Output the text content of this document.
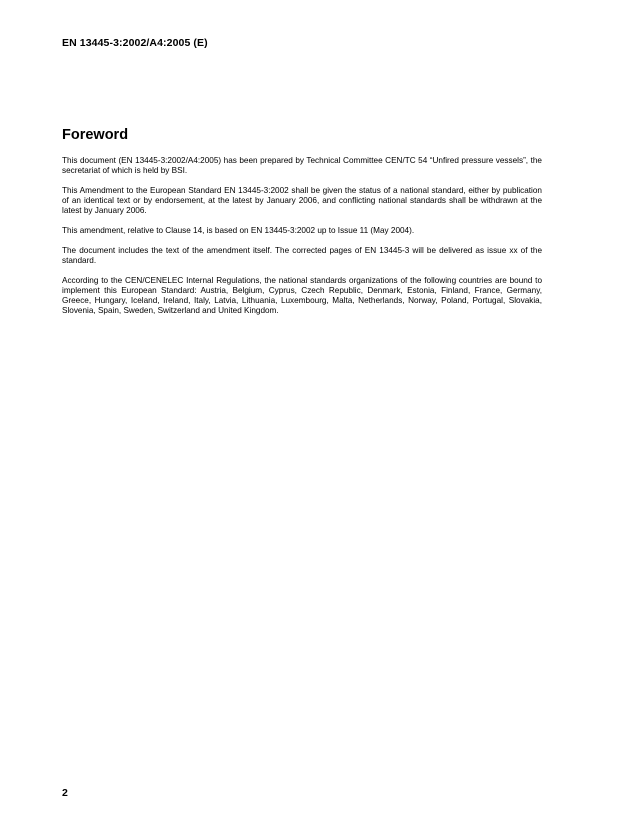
EN 13445-3:2002/A4:2005 (E)
Foreword

This document (EN 13445-3:2002/A4:2005) has been prepared by Technical Committee CEN/TC 54 “Unfired pressure vessels”, the secretariat of which is held by BSI.

This Amendment to the European Standard EN 13445-3:2002 shall be given the status of a national standard, either by publication of an identical text or by endorsement, at the latest by January 2006, and conflicting national standards shall be withdrawn at the latest by January 2006.

This amendment, relative to Clause 14, is based on EN 13445-3:2002 up to Issue 11 (May 2004).

The document includes the text of the amendment itself. The corrected pages of EN 13445-3 will be delivered as issue xx of the standard.

According to the CEN/CENELEC Internal Regulations, the national standards organizations of the following countries are bound to implement this European Standard: Austria, Belgium, Cyprus, Czech Republic, Denmark, Estonia, Finland, France, Germany, Greece, Hungary, Iceland, Ireland, Italy, Latvia, Lithuania, Luxembourg, Malta, Netherlands, Norway, Poland, Portugal, Slovakia, Slovenia, Spain, Sweden, Switzerland and United Kingdom.

2
